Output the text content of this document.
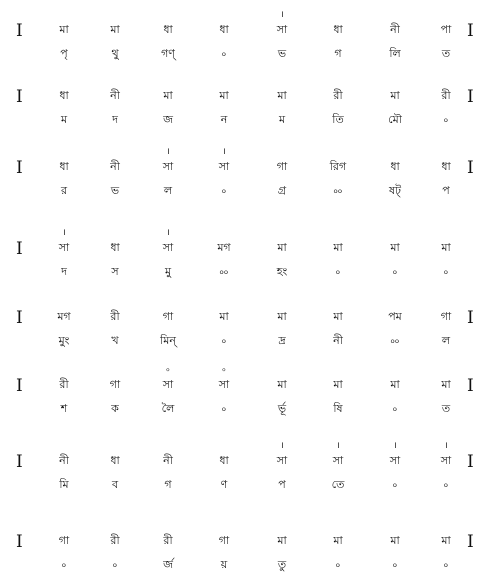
I	I
।
মা	মা	ধা	ধা	সা	ধা	নী	পা
পৃ	থু	গণ্	৹	ভ	গ	লি	ত
I	I
ধা	নী	মা	মা	মা	রী	মা	রী
ম	দ	জ	ন	ম	তি	মৌ	৹
I	I
।	।
ধা	নী	সা	সা	গা	রিগ	ধা	ধা
র	ভ	ল	৹	গ্র	৹৹	ষট্	প
I
।	।
সা	ধা	সা	মগ	মা	মা	মা	মা
দ	স	মু	৹৹	হং	৹	৹	৹
I	I
মগ	রী	গা	মা	মা	মা	পম	গা
মুং	খ	মিন্	৹	দ্র	নী	৹৹	ল
I	I
৹	৹
রী	গা	সা	সা	মা	মা	মা	মা
শ	ক	লৈ	৹	র্ভূ	ষি	৹	ত
I	I
।	।	।	।
নী	ধা	নী	ধা	সা	সা	সা	সা
মি	ব	গ	ণ	প	তে	৹	৹
I	I
গা	রী	রী	গা	মা	মা	মা	মা
৹	৹	র্জ	য়	তু	৹	৹	৹
